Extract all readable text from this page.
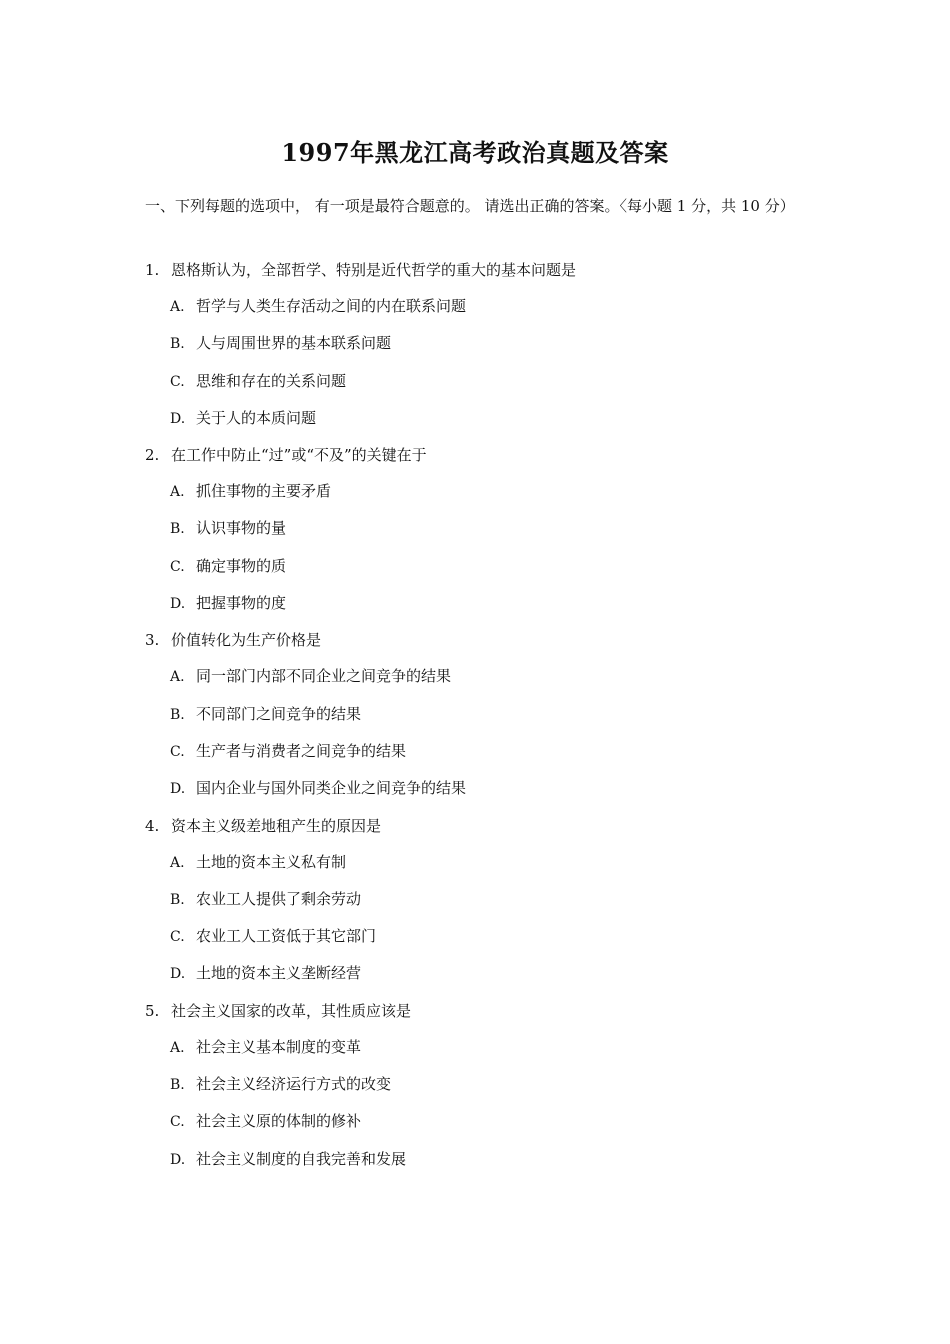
1997年黑龙江高考政治真题及答案

一、下列每题的选项中， 有一项是最符合题意的。 请选出正确的答案。〈每小题 1 分，共 10 分）

1. 恩格斯认为，全部哲学、特别是近代哲学的重大的基本问题是
A. 哲学与人类生存活动之间的内在联系问题
B. 人与周围世界的基本联系问题
C. 思维和存在的关系问题
D. 关于人的本质问题
2. 在工作中防止“过”或“不及”的关键在于
A. 抓住事物的主要矛盾
B. 认识事物的量
C. 确定事物的质
D. 把握事物的度
3. 价值转化为生产价格是
A. 同一部门内部不同企业之间竞争的结果
B. 不同部门之间竞争的结果
C. 生产者与消费者之间竞争的结果
D. 国内企业与国外同类企业之间竞争的结果
4. 资本主义级差地租产生的原因是
A. 土地的资本主义私有制
B. 农业工人提供了剩余劳动
C. 农业工人工资低于其它部门
D. 土地的资本主义垄断经营
5. 社会主义国家的改革，其性质应该是
A. 社会主义基本制度的变革
B. 社会主义经济运行方式的改变
C. 社会主义原的体制的修补
D. 社会主义制度的自我完善和发展
